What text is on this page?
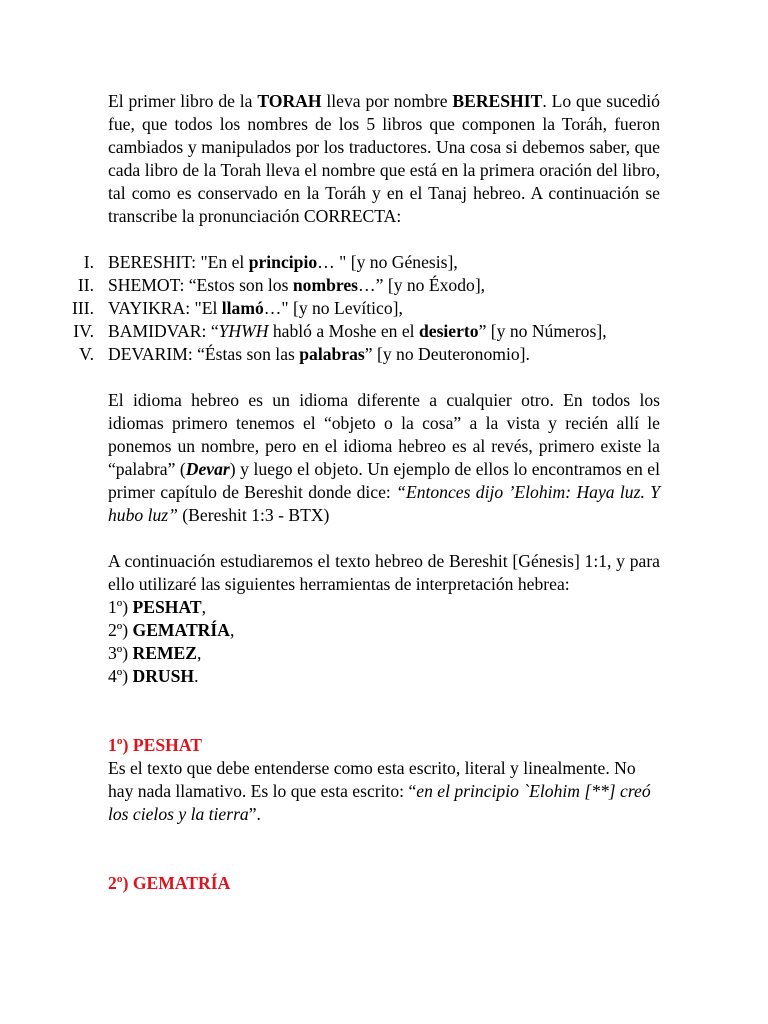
El primer libro de la TORAH lleva por nombre BERESHIT. Lo que sucedió fue, que todos los nombres de los 5 libros que componen la Toráh, fueron cambiados y manipulados por los traductores. Una cosa si debemos saber, que cada libro de la Torah lleva el nombre que está en la primera oración del libro, tal como es conservado en la Toráh y en el Tanaj hebreo. A continuación se transcribe la pronunciación CORRECTA:

I. BERESHIT: "En el principio… " [y no Génesis],
II. SHEMOT: “Estos son los nombres…” [y no Éxodo],
III. VAYIKRA: "El llamó…" [y no Levítico],
IV. BAMIDVAR: “YHWH habló a Moshe en el desierto” [y no Números],
V. DEVARIM: “Éstas son las palabras” [y no Deuteronomio].

El idioma hebreo es un idioma diferente a cualquier otro. En todos los idiomas primero tenemos el “objeto o la cosa” a la vista y recién allí le ponemos un nombre, pero en el idioma hebreo es al revés, primero existe la “palabra” (Devar) y luego el objeto. Un ejemplo de ellos lo encontramos en el primer capítulo de Bereshit donde dice: “Entonces dijo ’Elohim: Haya luz. Y hubo luz” (Bereshit 1:3 - BTX)

A continuación estudiaremos el texto hebreo de Bereshit [Génesis] 1:1, y para ello utilizaré las siguientes herramientas de interpretación hebrea:

1º) PESHAT,
2º) GEMATRÍA,
3º) REMEZ,
4º) DRUSH.

1º) PESHAT

Es el texto que debe entenderse como esta escrito, literal y linealmente. No hay nada llamativo. Es lo que esta escrito: “en el principio `Elohim [**] creó los cielos y la tierra”.

2º) GEMATRÍA
